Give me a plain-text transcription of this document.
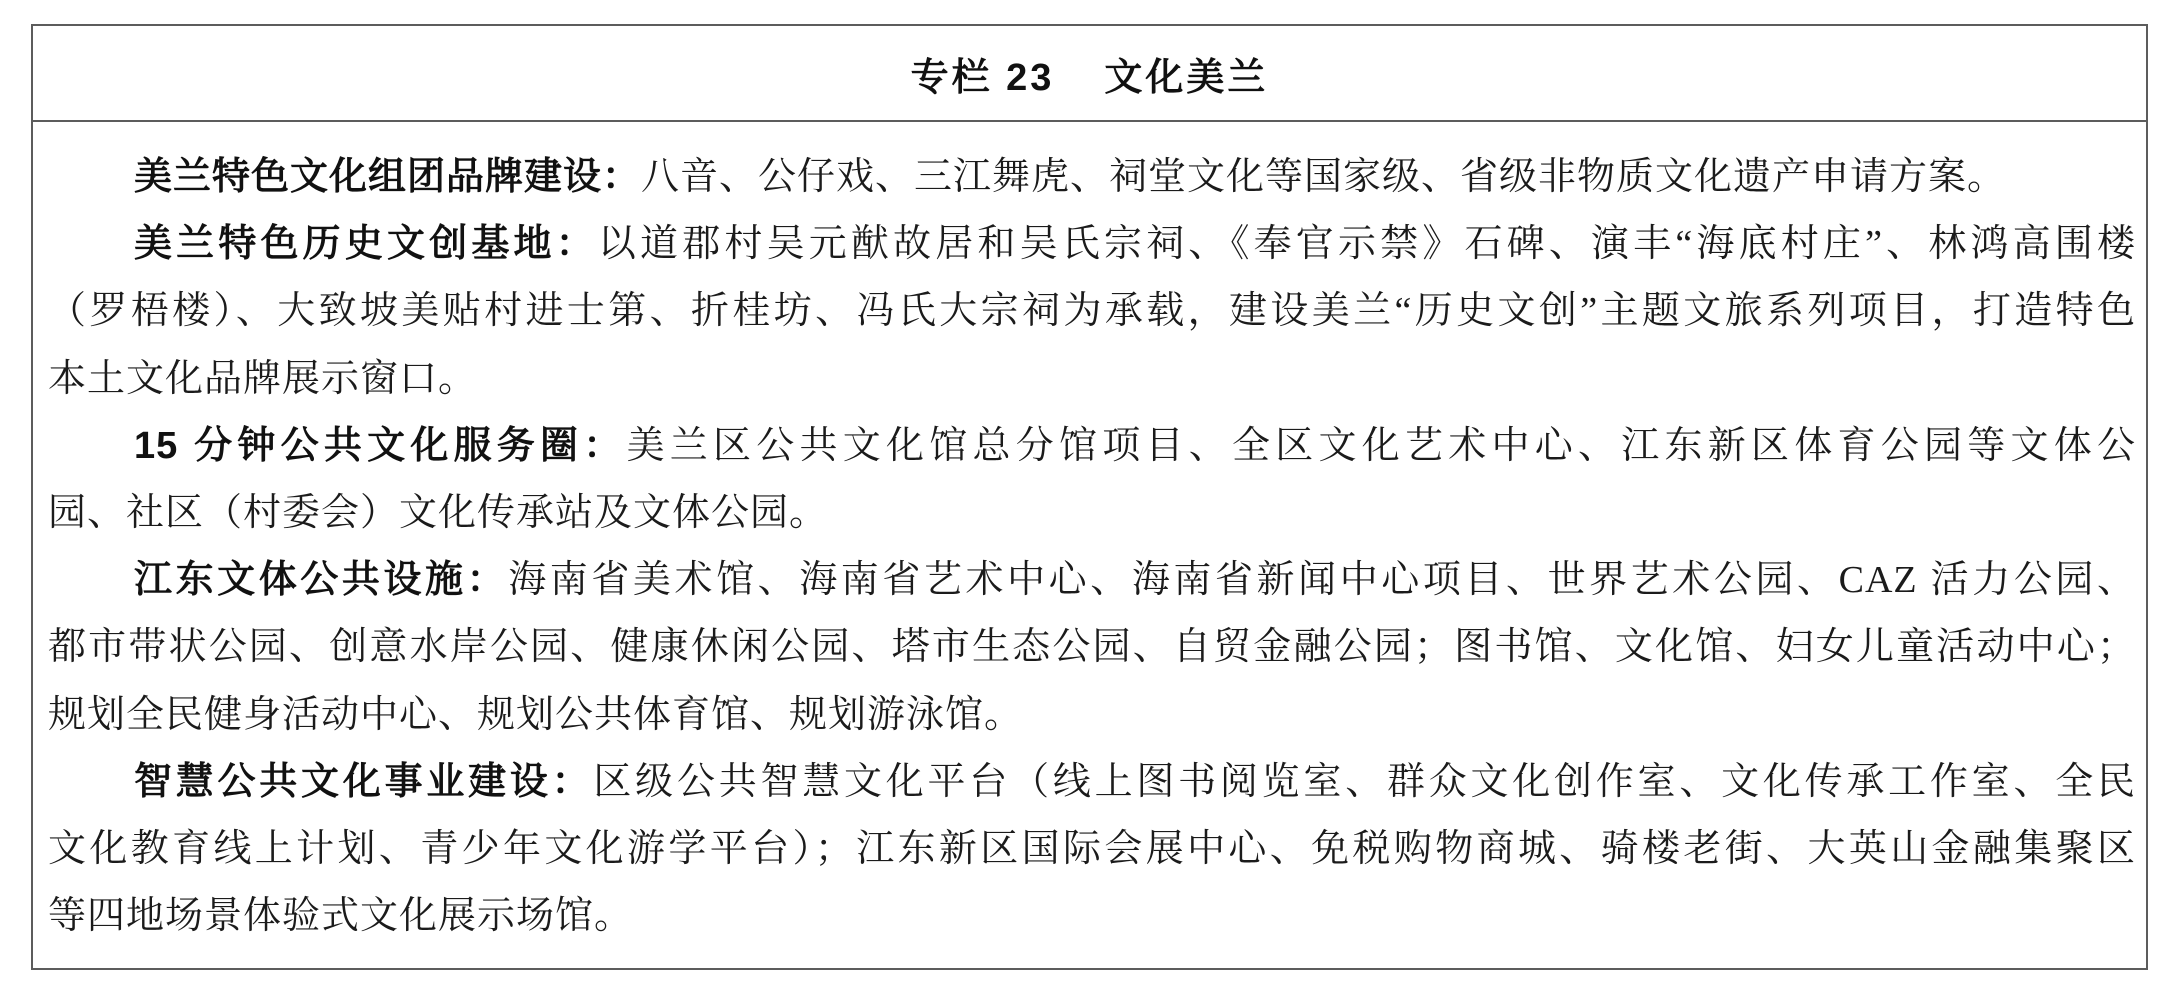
专栏 23 文化美兰
美兰特色文化组团品牌建设：八音、公仔戏、三江舞虎、祠堂文化等国家级、省级非物质文化遗产申请方案。
美兰特色历史文创基地：以道郡村吴元猷故居和吴氏宗祠、《奉官示禁》石碑、演丰“海底村庄”、林鸿高围楼
（罗梧楼）、大致坡美贴村进士第、折桂坊、冯氏大宗祠为承载，建设美兰“历史文创”主题文旅系列项目，打造特色
本土文化品牌展示窗口。
15 分钟公共文化服务圈：美兰区公共文化馆总分馆项目、全区文化艺术中心、江东新区体育公园等文体公
园、社区（村委会）文化传承站及文体公园。
江东文体公共设施：海南省美术馆、海南省艺术中心、海南省新闻中心项目、世界艺术公园、CAZ 活力公园、
都市带状公园、创意水岸公园、健康休闲公园、塔市生态公园、自贸金融公园；图书馆、文化馆、妇女儿童活动中心；
规划全民健身活动中心、规划公共体育馆、规划游泳馆。
智慧公共文化事业建设：区级公共智慧文化平台（线上图书阅览室、群众文化创作室、文化传承工作室、全民
文化教育线上计划、青少年文化游学平台）；江东新区国际会展中心、免税购物商城、骑楼老街、大英山金融集聚区
等四地场景体验式文化展示场馆。
